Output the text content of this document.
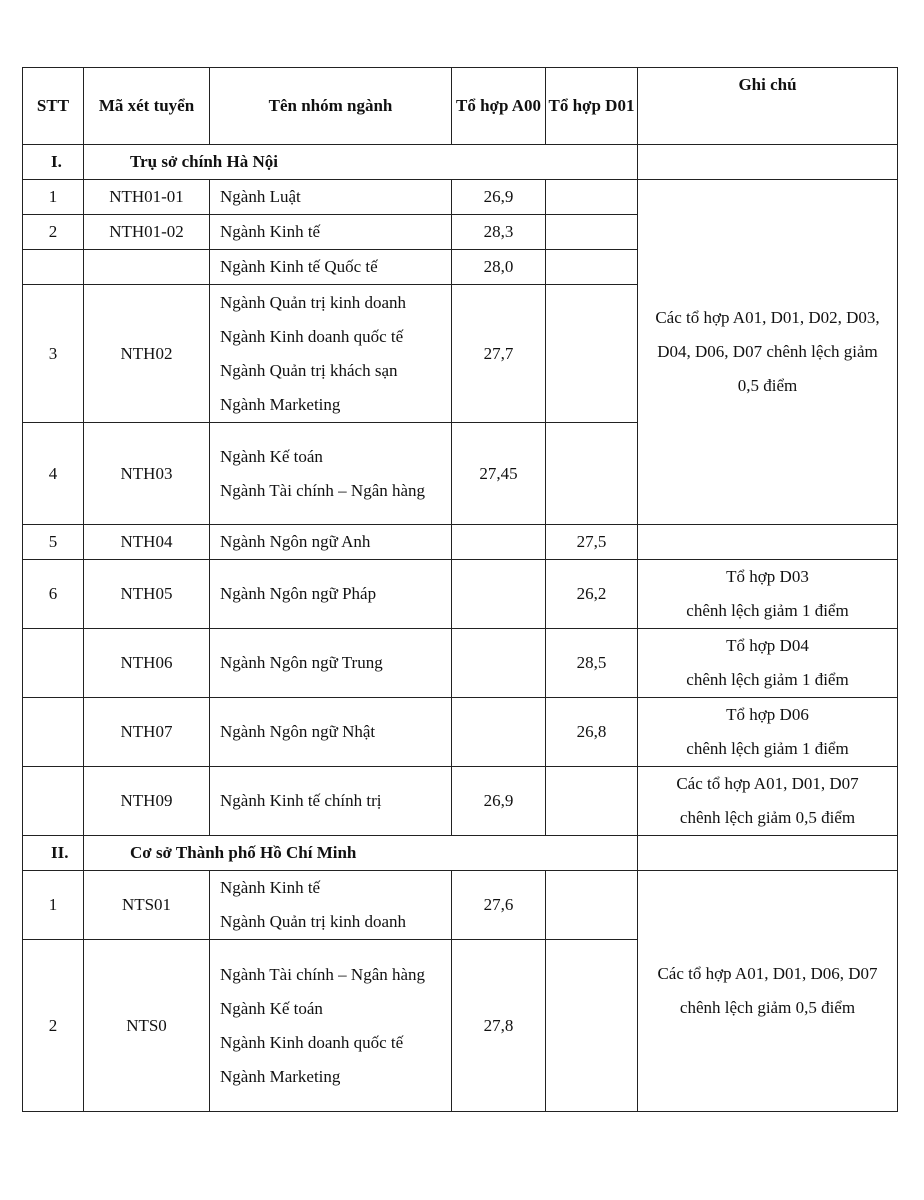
STT	Mã xét tuyển	Tên nhóm ngành	Tổ hợp A00	Tổ hợp D01	Ghi chú
I.	Trụ sở chính Hà Nội				
1	NTH01-01	Ngành Luật	26,9		Các tổ hợp A01, D01, D02, D03, D04, D06, D07 chênh lệch giảm 0,5 điểm
2	NTH01-02	Ngành Kinh tế	28,3		
		Ngành Kinh tế Quốc tế	28,0		
3	NTH02	Ngành Quản trị kinh doanh
Ngành Kinh doanh quốc tế
Ngành Quản trị khách sạn
Ngành Marketing	27,7		
4	NTH03	Ngành Kế toán
Ngành Tài chính – Ngân hàng	27,45		
5	NTH04	Ngành Ngôn ngữ Anh		27,5	
6	NTH05	Ngành Ngôn ngữ Pháp		26,2	Tổ hợp D03
chênh lệch giảm 1 điểm

	NTH06	Ngành Ngôn ngữ Trung		28,5	Tổ hợp D04
chênh lệch giảm 1 điểm

	NTH07	Ngành Ngôn ngữ Nhật		26,8	Tổ hợp D06
chênh lệch giảm 1 điểm

	NTH09	Ngành Kinh tế chính trị	26,9		Các tổ hợp A01, D01, D07
chênh lệch giảm 0,5 điểm

II.	Cơ sở Thành phố Hồ Chí Minh				
1	NTS01	Ngành Kinh tế
Ngành Quản trị kinh doanh	27,6		Các tổ hợp A01, D01, D06, D07 chênh lệch giảm 0,5 điểm
2	NTS0	Ngành Tài chính – Ngân hàng
Ngành Kế toán
Ngành Kinh doanh quốc tế
Ngành Marketing	27,8		
